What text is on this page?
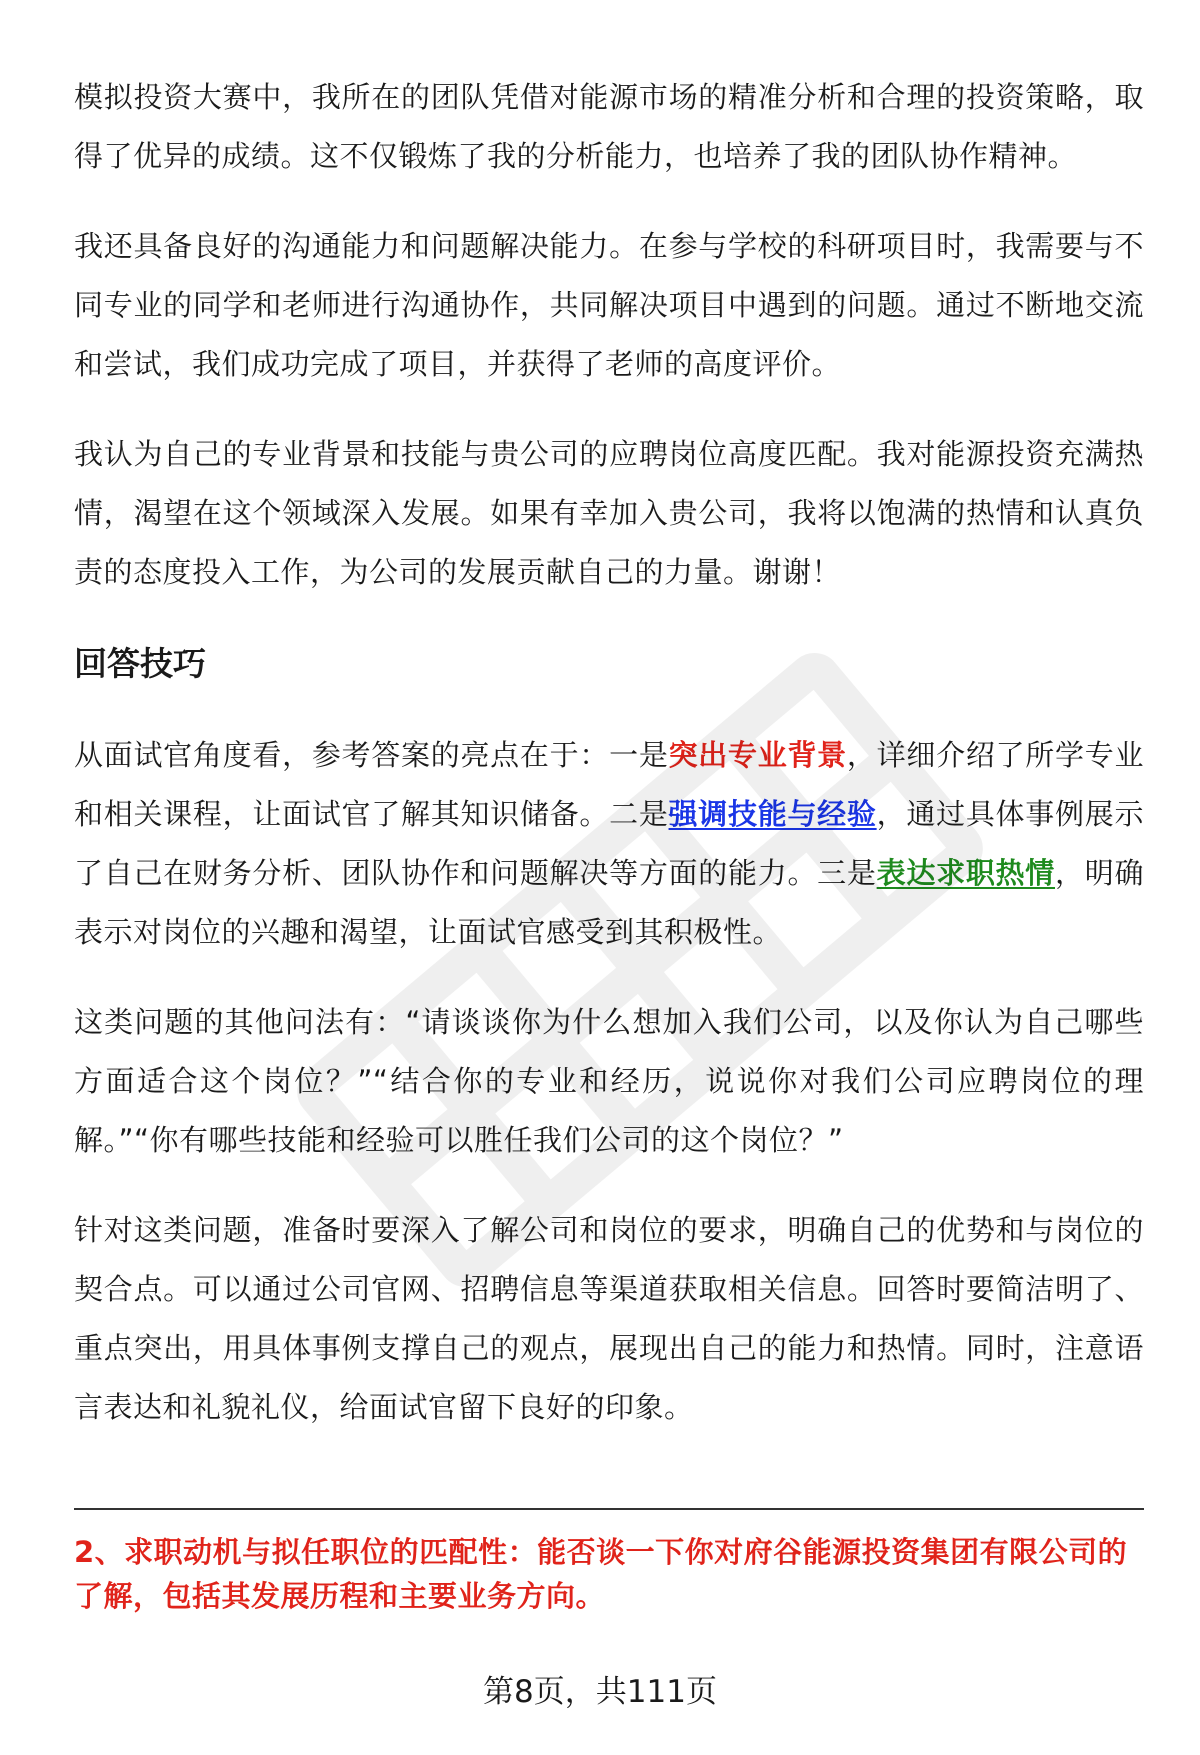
模拟投资大赛中，我所在的团队凭借对能源市场的精准分析和合理的投资策略，取得了优异的成绩。这不仅锻炼了我的分析能力，也培养了我的团队协作精神。

我还具备良好的沟通能力和问题解决能力。在参与学校的科研项目时，我需要与不同专业的同学和老师进行沟通协作，共同解决项目中遇到的问题。通过不断地交流和尝试，我们成功完成了项目，并获得了老师的高度评价。

我认为自己的专业背景和技能与贵公司的应聘岗位高度匹配。我对能源投资充满热情，渴望在这个领域深入发展。如果有幸加入贵公司，我将以饱满的热情和认真负责的态度投入工作，为公司的发展贡献自己的力量。谢谢！

回答技巧

从面试官角度看，参考答案的亮点在于：一是突出专业背景，详细介绍了所学专业和相关课程，让面试官了解其知识储备。二是强调技能与经验，通过具体事例展示了自己在财务分析、团队协作和问题解决等方面的能力。三是表达求职热情，明确表示对岗位的兴趣和渴望，让面试官感受到其积极性。

这类问题的其他问法有：“请谈谈你为什么想加入我们公司，以及你认为自己哪些方面适合这个岗位？”“结合你的专业和经历，说说你对我们公司应聘岗位的理解。”“你有哪些技能和经验可以胜任我们公司的这个岗位？”

针对这类问题，准备时要深入了解公司和岗位的要求，明确自己的优势和与岗位的契合点。可以通过公司官网、招聘信息等渠道获取相关信息。回答时要简洁明了、重点突出，用具体事例支撑自己的观点，展现出自己的能力和热情。同时，注意语言表达和礼貌礼仪，给面试官留下良好的印象。

2、求职动机与拟任职位的匹配性：能否谈一下你对府谷能源投资集团有限公司的了解，包括其发展历程和主要业务方向。
第8页，共111页
